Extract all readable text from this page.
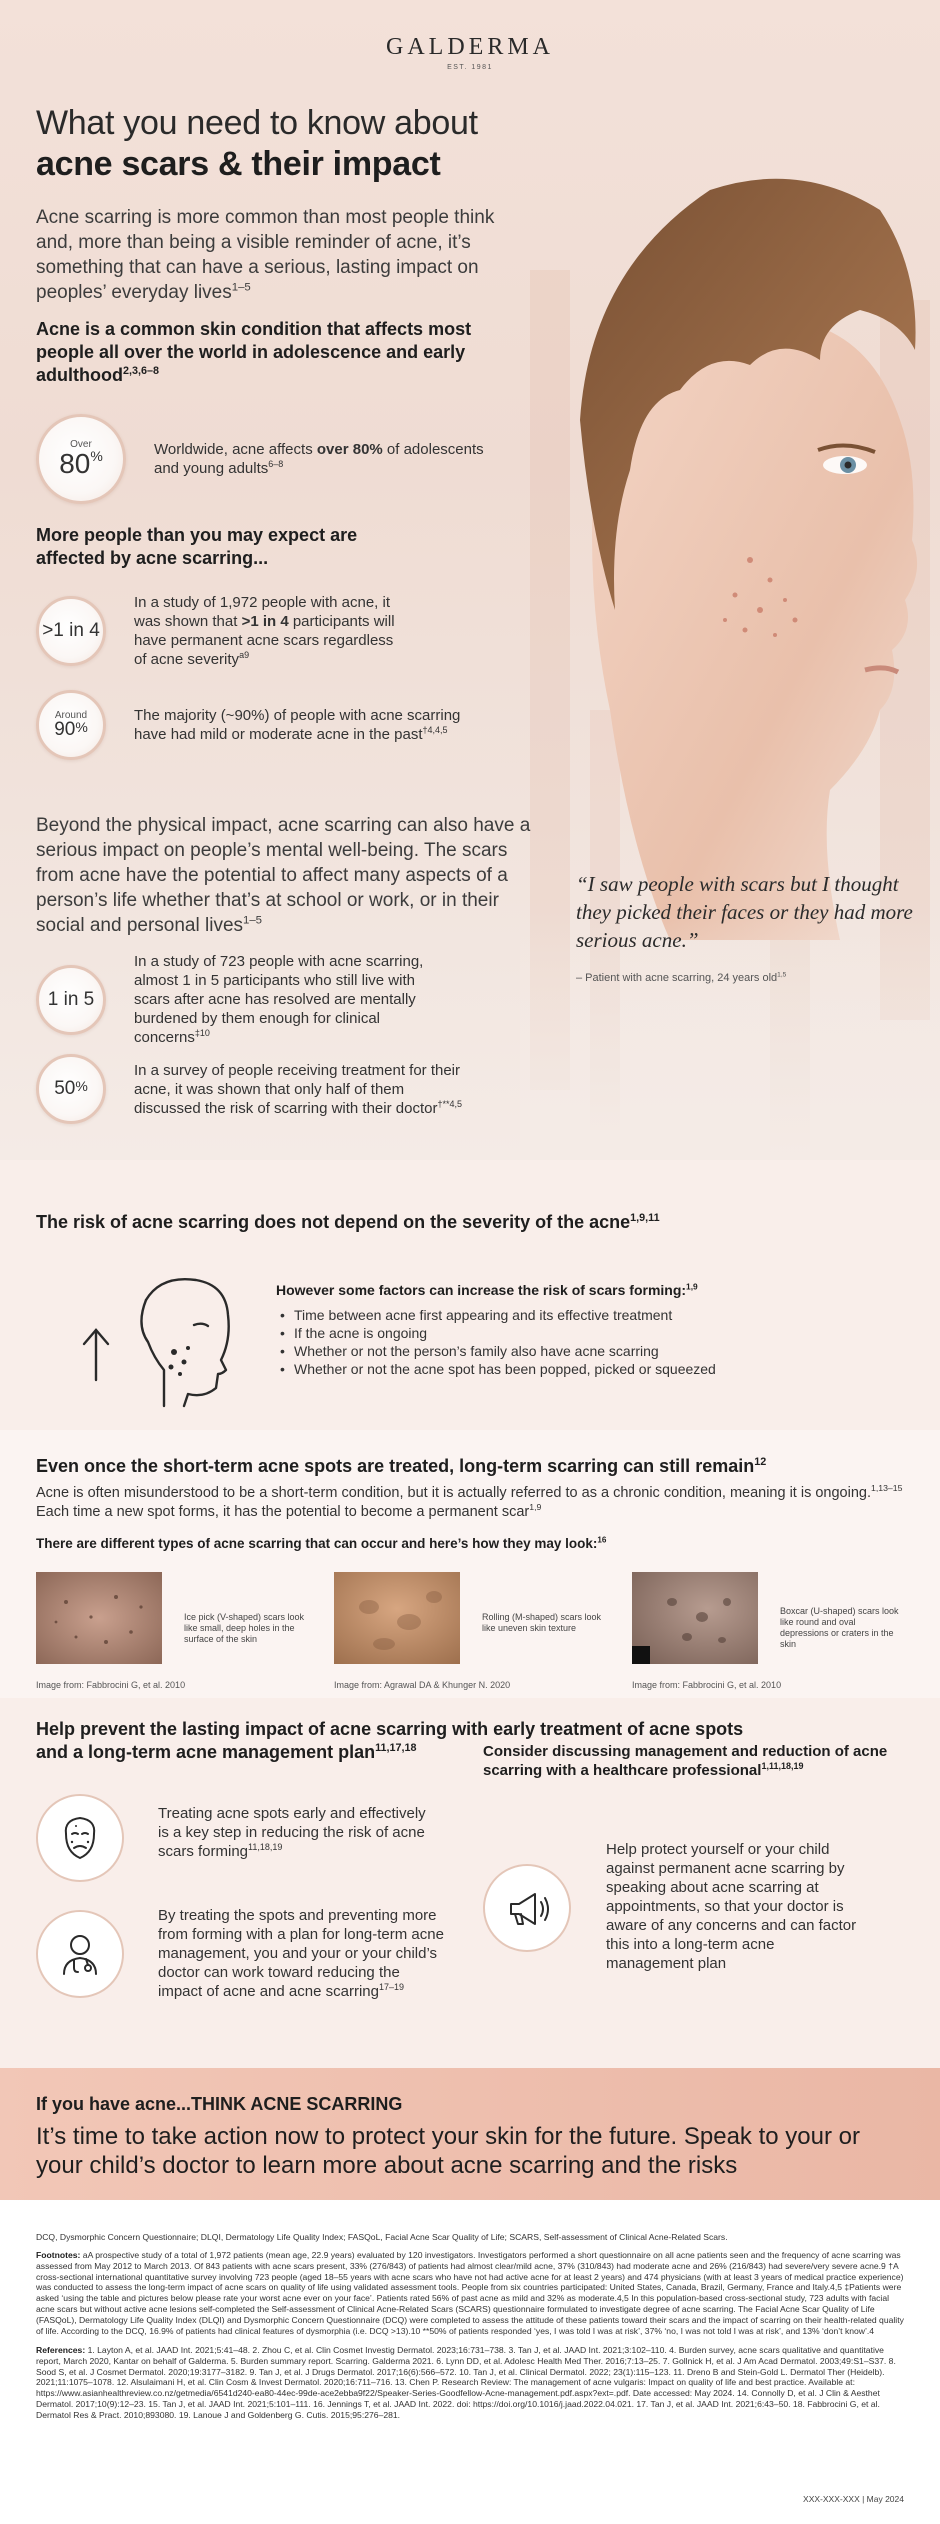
GALDERMA
EST. 1981
What you need to know about
acne scars & their impact

Acne scarring is more common than most people think and, more than being a visible reminder of acne, it’s something that can have a serious, lasting impact on peoples’ everyday lives$^{1-5}$

Acne is a common skin condition that affects most people all over the world in adolescence and early adulthood$^{2,3,6-8}$
Over
80%	Worldwide, acne affects over 80% of adolescents and young adults$^{6-8}$

More people than you may expect are affected by acne scarring...
>1 in 4

In a study of 1,972 people with acne, it was shown that >1 in 4 participants will have permanent acne scars regardless of acne severity$^{a9}$

Around
90%

The majority (~90%) of people with acne scarring have had mild or moderate acne in the past$^{\dagger 4,4,5}$

Beyond the physical impact, acne scarring can also have a serious impact on people’s mental well-being. The scars from acne have the potential to affect many aspects of a person’s life whether that’s at school or work, or in their social and personal lives$^{1-5}$

1 in 5

In a study of 723 people with acne scarring, almost 1 in 5 participants who still live with scars after acne has resolved are mentally burdened by them enough for clinical concerns$^{\ddagger 10}$

50%

In a survey of people receiving treatment for their acne, it was shown that only half of them discussed the risk of scarring with their doctor$^{\dagger**4,5}$

“I saw people with scars but I thought they picked their faces or they had more serious acne.”
– Patient with acne scarring, 24 years old$^{1,5}$
The risk of acne scarring does not depend on the severity of the acne$^{1,9,11}$
However some factors can increase the risk of scars forming:$^{1,9}$
• Time between acne first appearing and its effective treatment
• If the acne is ongoing
• Whether or not the person’s family also have acne scarring
• Whether or not the acne spot has been popped, picked or squeezed
Even once the short-term acne spots are treated, long-term scarring can still remain$^{12}$

Acne is often misunderstood to be a short-term condition, but it is actually referred to as a chronic condition, meaning it is ongoing.$^{1,13-15}$ Each time a new spot forms, it has the potential to become a permanent scar$^{1,9}$

There are different types of acne scarring that can occur and here’s how they may look:$^{16}$

Ice pick (V-shaped) scars look like small, deep holes in the surface of the skin

Image from: Fabbrocini G, et al. 2010

Rolling (M-shaped) scars look like uneven skin texture

Image from: Agrawal DA & Khunger N. 2020

Boxcar (U-shaped) scars look like round and oval depressions or craters in the skin

Image from: Fabbrocini G, et al. 2010

Help prevent the lasting impact of acne scarring with early treatment of acne spots
and a long-term acne management plan$^{11,17,18}$

Treating acne spots early and effectively is a key step in reducing the risk of acne scars forming$^{11,18,19}$

By treating the spots and preventing more from forming with a plan for long-term acne management, you and your or your child’s doctor can work toward reducing the impact of acne and acne scarring$^{17-19}$

Consider discussing management and reduction of acne scarring with a healthcare professional$^{1,11,18,19}$

Help protect yourself or your child against permanent acne scarring by speaking about acne scarring at appointments, so that your doctor is aware of any concerns and can factor this into a long-term acne management plan

If you have acne...THINK ACNE SCARRING

It’s time to take action now to protect your skin for the future. Speak to your or your child’s doctor to learn more about acne scarring and the risks

DCQ, Dysmorphic Concern Questionnaire; DLQI, Dermatology Life Quality Index; FASQoL, Facial Acne Scar Quality of Life; SCARS, Self-assessment of Clinical Acne-Related Scars.

Footnotes: aA prospective study of a total of 1,972 patients (mean age, 22.9 years) evaluated by 120 investigators. Investigators performed a short questionnaire on all acne patients seen and the frequency of acne scarring was assessed from May 2012 to March 2013. Of 843 patients with acne scars present, 33% (276/843) of patients had almost clear/mild acne, 37% (310/843) had moderate acne and 26% (216/843) had severe/very severe acne.9 †A cross-sectional international quantitative survey involving 723 people (aged 18–55 years with acne scars who have not had active acne for at least 2 years) and 474 physicians (with at least 3 years of medical practice experience) was conducted to assess the long-term impact of acne scars on quality of life using validated assessment tools. People from six countries participated: United States, Canada, Brazil, Germany, France and Italy.4,5 ‡Patients were asked ‘using the table and pictures below please rate your worst acne ever on your face’. Patients rated 56% of past acne as mild and 32% as moderate.4,5 In this population-based cross-sectional study, 723 adults with facial acne scars but without active acne lesions self-completed the Self-assessment of Clinical Acne-Related Scars (SCARS) questionnaire formulated to investigate degree of acne scarring. The Facial Acne Scar Quality of Life (FASQoL), Dermatology Life Quality Index (DLQI) and Dysmorphic Concern Questionnaire (DCQ) were completed to assess the attitude of these patients toward their scars and the impact of scarring on their health-related quality of life. According to the DCQ, 16.9% of patients had clinical features of dysmorphia (i.e. DCQ >13).10 **50% of patients responded ‘yes, I was told I was at risk’, 37% ‘no, I was not told I was at risk’, and 13% ‘don’t know’.4

References: 1. Layton A, et al. JAAD Int. 2021;5:41–48. 2. Zhou C, et al. Clin Cosmet Investig Dermatol. 2023;16:731–738. 3. Tan J, et al. JAAD Int. 2021;3:102–110. 4. Burden survey, acne scars qualitative and quantitative report, March 2020, Kantar on behalf of Galderma. 5. Burden summary report. Scarring. Galderma 2021. 6. Lynn DD, et al. Adolesc Health Med Ther. 2016;7:13–25. 7. Gollnick H, et al. J Am Acad Dermatol. 2003;49:S1–S37. 8. Sood S, et al. J Cosmet Dermatol. 2020;19:3177–3182. 9. Tan J, et al. J Drugs Dermatol. 2017;16(6):566–572. 10. Tan J, et al. Clinical Dermatol. 2022; 23(1):115–123. 11. Dreno B and Stein-Gold L. Dermatol Ther (Heidelb). 2021;11:1075–1078. 12. Alsulaimani H, et al. Clin Cosm & Invest Dermatol. 2020;16:711–716. 13. Chen P. Research Review: The management of acne vulgaris: Impact on quality of life and best practice. Available at: https://www.asianhealthreview.co.nz/getmedia/6541d240-ea80-44ec-99de-ace2ebba9f22/Speaker-Series-Goodfellow-Acne-management.pdf.aspx?ext=.pdf. Date accessed: May 2024. 14. Connolly D, et al. J Clin & Aesthet Dermatol. 2017;10(9):12–23. 15. Tan J, et al. JAAD Int. 2021;5:101–111. 16. Jennings T, et al. JAAD Int. 2022. doi: https://doi.org/10.1016/j.jaad.2022.04.021. 17. Tan J, et al. JAAD Int. 2021;6:43–50. 18. Fabbrocini G, et al. Dermatol Res & Pract. 2010;893080. 19. Lanoue J and Goldenberg G. Cutis. 2015;95:276–281.

XXX-XXX-XXX | May 2024
